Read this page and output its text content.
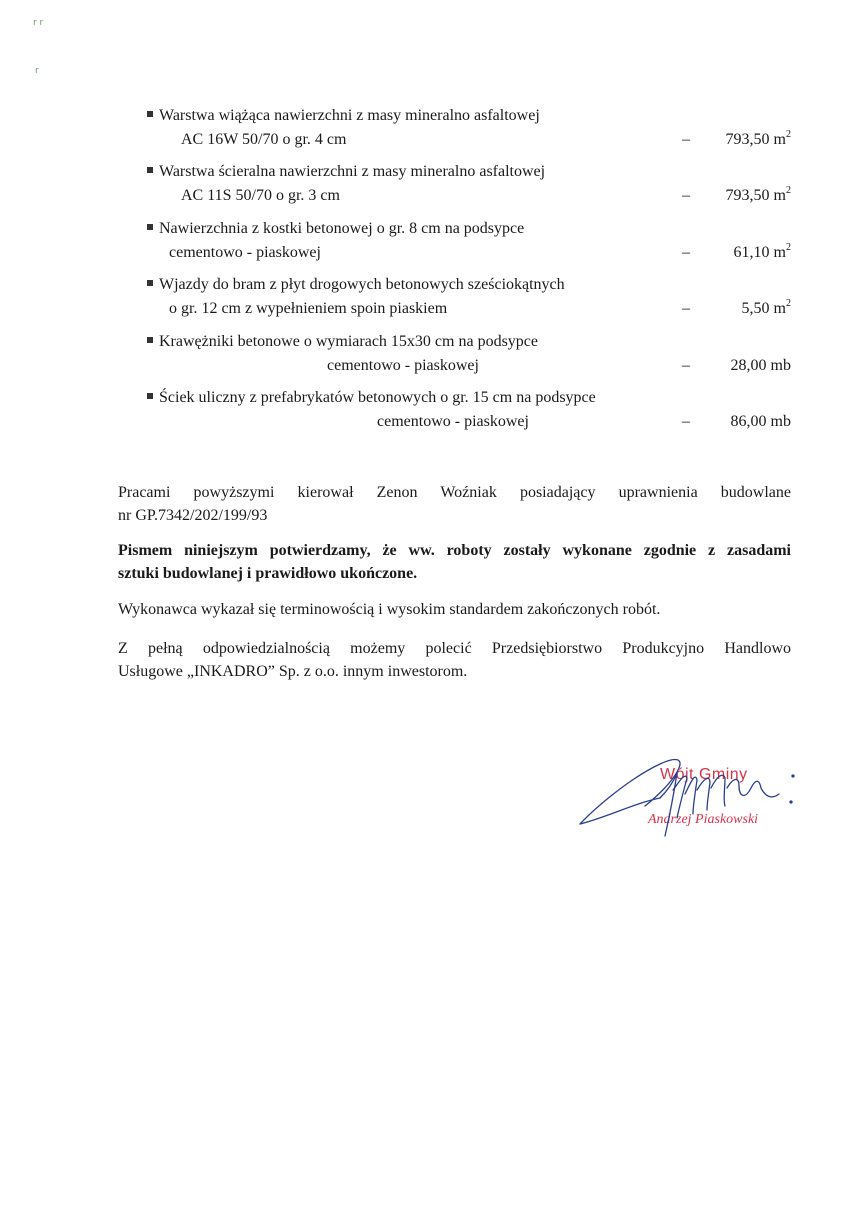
r r
r
Warstwa wiążąca nawierzchni z masy mineralno asfaltowej
AC 16W 50/70 o gr. 4 cm	– 793,50 $m^2$
Warstwa ścieralna nawierzchni z masy mineralno asfaltowej
AC 11S 50/70 o gr. 3 cm	– 793,50 $m^2$
Nawierzchnia z kostki betonowej o gr. 8 cm na podsypce
cementowo - piaskowej	–	61,10 $m^2$
Wjazdy do bram z płyt drogowych betonowych sześciokątnych
o gr. 12 cm z wypełnieniem spoin piaskiem	–	5,50 $m^2$
Krawężniki betonowe o wymiarach 15x30 cm na podsypce
cementowo - piaskowej	–	28,00 mb
Ściek uliczny z prefabrykatów betonowych o gr. 15 cm na podsypce
cementowo - piaskowej	–	86,00 mb
Pracami powyższymi kierował Zenon Woźniak posiadający uprawnienia budowlane
nr GP.7342/202/199/93
Pismem niniejszym potwierdzamy, że ww. roboty zostały wykonane zgodnie z zasadami
sztuki budowlanej i prawidłowo ukończone.
Wykonawca wykazał się terminowością i wysokim standardem zakończonych robót.
Z pełną odpowiedzialnością możemy polecić Przedsiębiorstwo Produkcyjno Handlowo
Usługowe „INKADRO” Sp. z o.o. innym inwestorom.
Wójt Gminy
Andrzej Piaskowski
